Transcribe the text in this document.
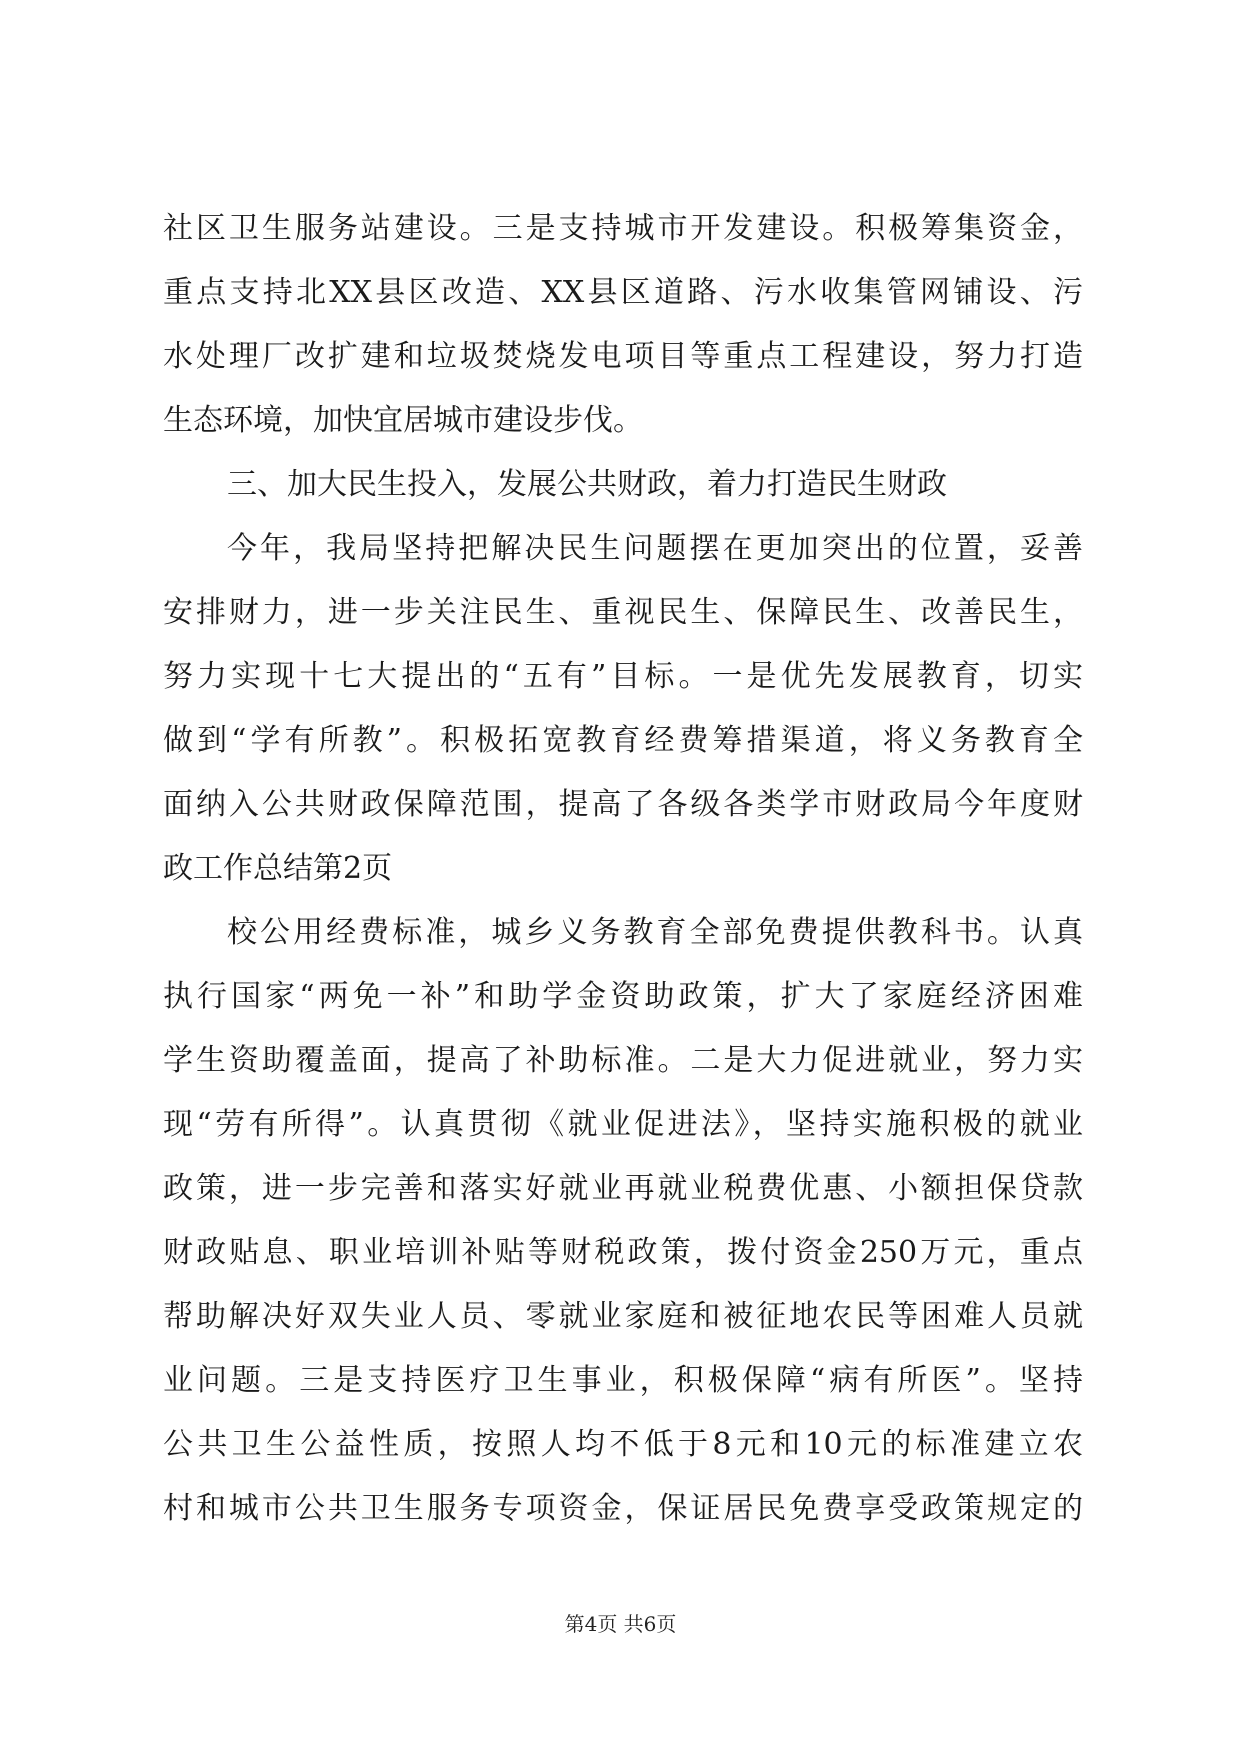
社区卫生服务站建设。三是支持城市开发建设。积极筹集资金，
重点支持北XX县区改造、XX县区道路、污水收集管网铺设、污
水处理厂改扩建和垃圾焚烧发电项目等重点工程建设，努力打造
生态环境，加快宜居城市建设步伐。
三、加大民生投入，发展公共财政，着力打造民生财政
今年，我局坚持把解决民生问题摆在更加突出的位置，妥善
安排财力，进一步关注民生、重视民生、保障民生、改善民生，
努力实现十七大提出的“五有”目标。一是优先发展教育，切实
做到“学有所教”。积极拓宽教育经费筹措渠道，将义务教育全
面纳入公共财政保障范围，提高了各级各类学市财政局今年度财
政工作总结第2页
校公用经费标准，城乡义务教育全部免费提供教科书。认真
执行国家“两免一补”和助学金资助政策，扩大了家庭经济困难
学生资助覆盖面，提高了补助标准。二是大力促进就业，努力实
现“劳有所得”。认真贯彻《就业促进法》，坚持实施积极的就业
政策，进一步完善和落实好就业再就业税费优惠、小额担保贷款
财政贴息、职业培训补贴等财税政策，拨付资金250万元，重点
帮助解决好双失业人员、零就业家庭和被征地农民等困难人员就
业问题。三是支持医疗卫生事业，积极保障“病有所医”。坚持
公共卫生公益性质，按照人均不低于8元和10元的标准建立农
村和城市公共卫生服务专项资金，保证居民免费享受政策规定的
第4页 共6页
